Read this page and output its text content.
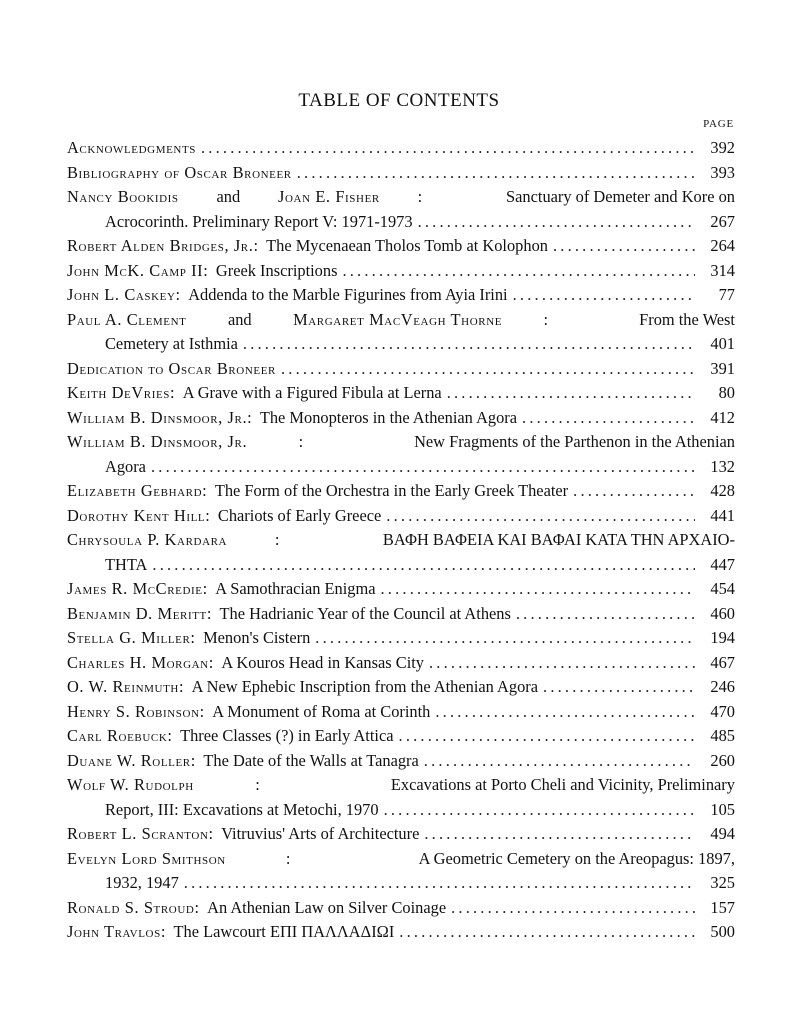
TABLE OF CONTENTS
PAGE
Acknowledgments .....	392
Bibliography of Oscar Broneer .....	393
Nancy Bookidis and Joan E. Fisher :
	Sanctuary of Demeter and Kore on
Acrocorinth. Preliminary Report V: 1971-1973 .....	267
Robert Alden Bridges, Jr. :
The Mycenaean Tholos Tomb at Kolophon .....	264
John McK. Camp II :
Greek Inscriptions .....	314
John L. Caskey :
Addenda to the Marble Figurines from Ayia Irini .....	77
Paul A. Clement	and	Margaret MacVeagh Thorne	:
	From the West
Cemetery at Isthmia .....	401
Dedication to Oscar Broneer .....	391
Keith DeVries :
A Grave with a Figured Fibula at Lerna .....	80
William B. Dinsmoor, Jr. :
The Monopteros in the Athenian Agora .....	412
William B. Dinsmoor, Jr.	:
	New Fragments of the Parthenon in the Athenian
Agora .....	132
Elizabeth Gebhard :
The Form of the Orchestra in the Early Greek Theater .....	428
Dorothy Kent Hill :
Chariots of Early Greece .....	441
Chrysoula P. Kardara	:
	ΒΑΦΗ ΒΑΦΕΙΑ ΚΑΙ ΒΑΦΑΙ ΚΑΤΑ ΤΗΝ ΑΡΧΑΙΟ-
ΤΗΤΑ .....	447
James R. McCredie :
A Samothracian Enigma .....	454
Benjamin D. Meritt :
The Hadrianic Year of the Council at Athens .....	460
Stella G. Miller :
Menon's Cistern .....	194
Charles H. Morgan :
A Kouros Head in Kansas City .....	467
O. W. Reinmuth :
A New Ephebic Inscription from the Athenian Agora .....	246
Henry S. Robinson :
A Monument of Roma at Corinth .....	470
Carl Roebuck :
Three Classes (?) in Early Attica .....	485
Duane W. Roller :
The Date of the Walls at Tanagra .....	260
Wolf W. Rudolph	:
	Excavations at Porto Cheli and Vicinity, Preliminary
Report, III: Excavations at Metochi, 1970 .....	105
Robert L. Scranton :
Vitruvius' Arts of Architecture .....	494
Evelyn Lord Smithson	:
	A Geometric Cemetery on the Areopagus: 1897,
1932, 1947 .....	325
Ronald S. Stroud :
An Athenian Law on Silver Coinage .....	157
John Travlos :
The Lawcourt ΕΠΙ ΠΑΛΛΑΔΙΩΙ .....	500
